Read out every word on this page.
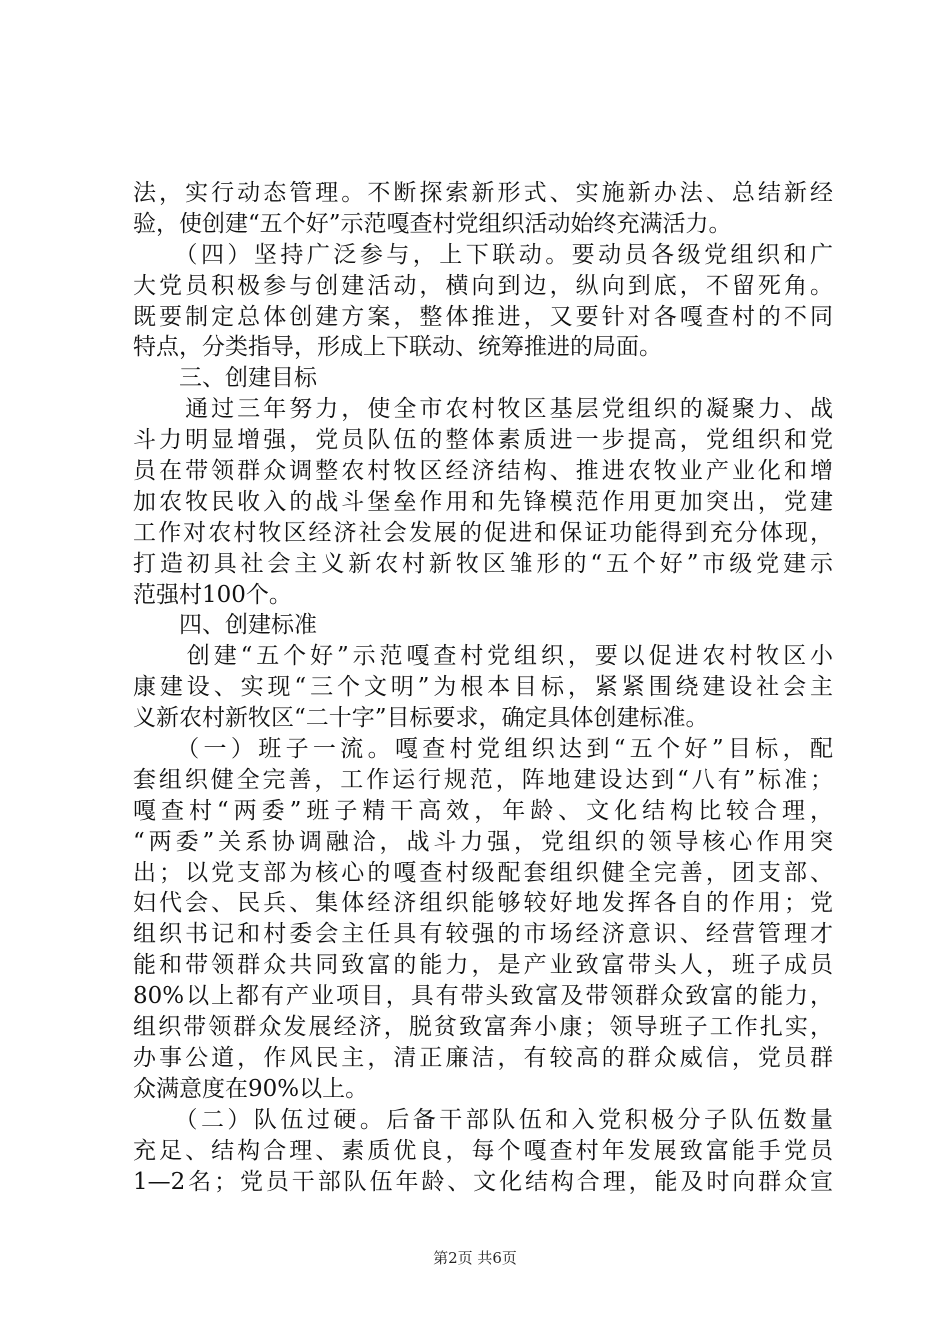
法，实行动态管理。不断探索新形式、实施新办法、总结新经
验，使创建“五个好”示范嘎查村党组织活动始终充满活力。
　　（四）坚持广泛参与，上下联动。要动员各级党组织和广
大党员积极参与创建活动，横向到边，纵向到底，不留死角。
既要制定总体创建方案，整体推进，又要针对各嘎查村的不同
特点，分类指导，形成上下联动、统筹推进的局面。
　　三、创建目标
　　通过三年努力，使全市农村牧区基层党组织的凝聚力、战
斗力明显增强，党员队伍的整体素质进一步提高，党组织和党
员在带领群众调整农村牧区经济结构、推进农牧业产业化和增
加农牧民收入的战斗堡垒作用和先锋模范作用更加突出，党建
工作对农村牧区经济社会发展的促进和保证功能得到充分体现，
打造初具社会主义新农村新牧区雏形的“五个好”市级党建示
范强村100个。
　　四、创建标准
　　创建“五个好”示范嘎查村党组织，要以促进农村牧区小
康建设、实现“三个文明”为根本目标，紧紧围绕建设社会主
义新农村新牧区“二十字”目标要求，确定具体创建标准。
　　（一）班子一流。嘎查村党组织达到“五个好”目标，配
套组织健全完善，工作运行规范，阵地建设达到“八有”标准；
嘎查村“两委”班子精干高效，年龄、文化结构比较合理，
“两委”关系协调融洽，战斗力强，党组织的领导核心作用突
出；以党支部为核心的嘎查村级配套组织健全完善，团支部、
妇代会、民兵、集体经济组织能够较好地发挥各自的作用；党
组织书记和村委会主任具有较强的市场经济意识、经营管理才
能和带领群众共同致富的能力，是产业致富带头人，班子成员
80%以上都有产业项目，具有带头致富及带领群众致富的能力，
组织带领群众发展经济，脱贫致富奔小康；领导班子工作扎实，
办事公道，作风民主，清正廉洁，有较高的群众威信，党员群
众满意度在90%以上。
　　（二）队伍过硬。后备干部队伍和入党积极分子队伍数量
充足、结构合理、素质优良，每个嘎查村年发展致富能手党员
1—2名；党员干部队伍年龄、文化结构合理，能及时向群众宣
第2页 共6页
